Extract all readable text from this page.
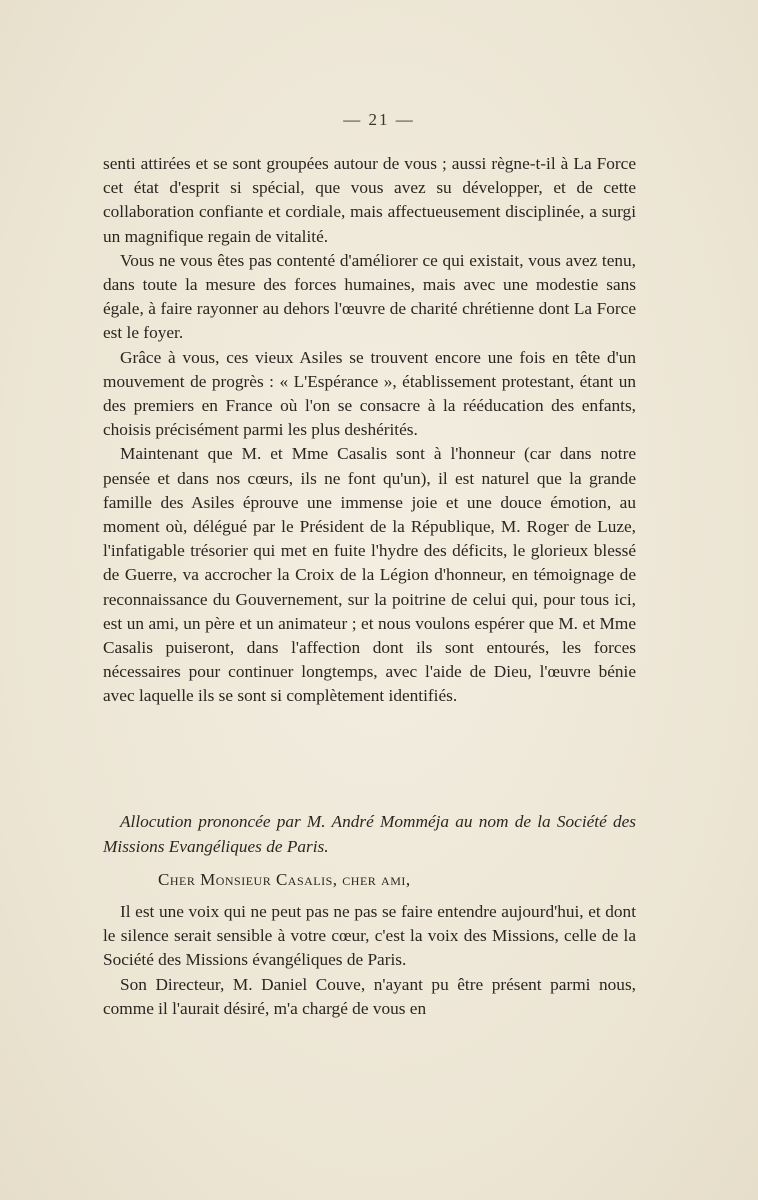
— 21 —

senti attirées et se sont groupées autour de vous ; aussi règne-t-il à La Force cet état d'esprit si spécial, que vous avez su développer, et de cette collaboration confiante et cordiale, mais affectueusement disciplinée, a surgi un magnifique regain de vitalité.

Vous ne vous êtes pas contenté d'améliorer ce qui existait, vous avez tenu, dans toute la mesure des forces humaines, mais avec une modestie sans égale, à faire rayonner au dehors l'œuvre de charité chrétienne dont La Force est le foyer.

Grâce à vous, ces vieux Asiles se trouvent encore une fois en tête d'un mouvement de progrès : « L'Espérance », établissement protestant, étant un des premiers en France où l'on se consacre à la rééducation des enfants, choisis précisément parmi les plus deshérités.

Maintenant que M. et Mme Casalis sont à l'honneur (car dans notre pensée et dans nos cœurs, ils ne font qu'un), il est naturel que la grande famille des Asiles éprouve une immense joie et une douce émotion, au moment où, délégué par le Président de la République, M. Roger de Luze, l'infatigable trésorier qui met en fuite l'hydre des déficits, le glorieux blessé de Guerre, va accrocher la Croix de la Légion d'honneur, en témoignage de reconnaissance du Gouvernement, sur la poitrine de celui qui, pour tous ici, est un ami, un père et un animateur ; et nous voulons espérer que M. et Mme Casalis puiseront, dans l'affection dont ils sont entourés, les forces nécessaires pour continuer longtemps, avec l'aide de Dieu, l'œuvre bénie avec laquelle ils se sont si complètement identifiés.

Allocution prononcée par M. André Momméja au nom de la Société des Missions Evangéliques de Paris.

Cher Monsieur Casalis, cher ami,

Il est une voix qui ne peut pas ne pas se faire entendre aujourd'hui, et dont le silence serait sensible à votre cœur, c'est la voix des Missions, celle de la Société des Missions évangéliques de Paris.

Son Directeur, M. Daniel Couve, n'ayant pu être présent parmi nous, comme il l'aurait désiré, m'a chargé de vous en
